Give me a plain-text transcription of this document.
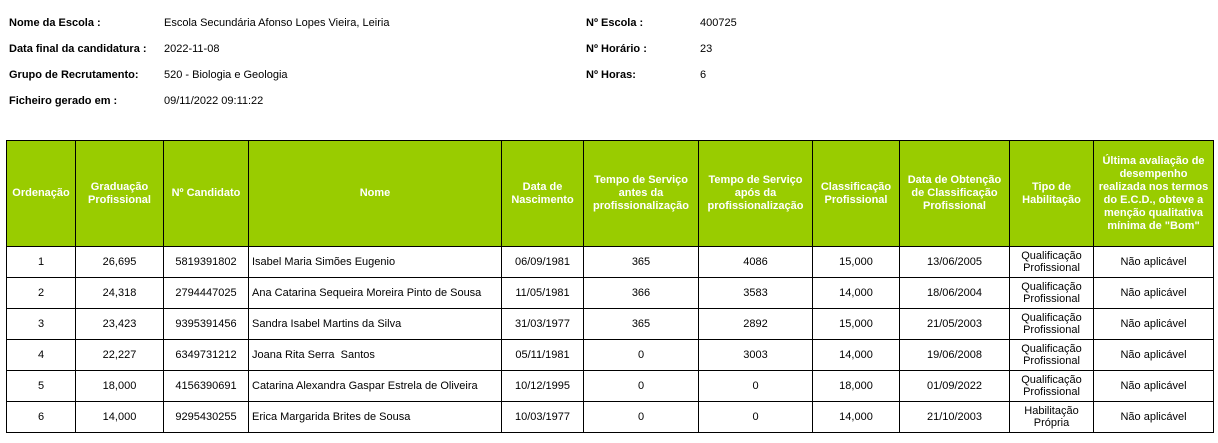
Nome da Escola :	Escola Secundária Afonso Lopes Vieira, Leiria
Data final da candidatura : 2022-11-08
Grupo de Recrutamento: 520 - Biologia e Geologia
Ficheiro gerado em :	09/11/2022 09:11:22
Nº Escola :	400725
Nº Horário :	23
Nº Horas:	6
Ordenação	Graduação Profissional	Nº Candidato	Nome	Data de Nascimento	Tempo de Serviço antes da profissionalização	Tempo de Serviço após da profissionalização	Classificação Profissional	Data de Obtenção de Classificação Profissional	Tipo de Habilitação	Última avaliação de desempenho realizada nos termos do E.C.D., obteve a menção qualitativa mínima de "Bom"
1	26,695	5819391802	Isabel Maria Simões Eugenio	06/09/1981	365	4086	15,000	13/06/2005	Qualificação Profissional	Não aplicável
2	24,318	2794447025	Ana Catarina Sequeira Moreira Pinto de Sousa	11/05/1981	366	3583	14,000	18/06/2004	Qualificação Profissional	Não aplicável
3	23,423	9395391456	Sandra Isabel Martins da Silva	31/03/1977	365	2892	15,000	21/05/2003	Qualificação Profissional	Não aplicável
4	22,227	6349731212	Joana Rita Serra  Santos	05/11/1981	0	3003	14,000	19/06/2008	Qualificação Profissional	Não aplicável
5	18,000	4156390691	Catarina Alexandra Gaspar Estrela de Oliveira	10/12/1995	0	0	18,000	01/09/2022	Qualificação Profissional	Não aplicável
6	14,000	9295430255	Erica Margarida Brites de Sousa	10/03/1977	0	0	14,000	21/10/2003	Habilitação Própria	Não aplicável
